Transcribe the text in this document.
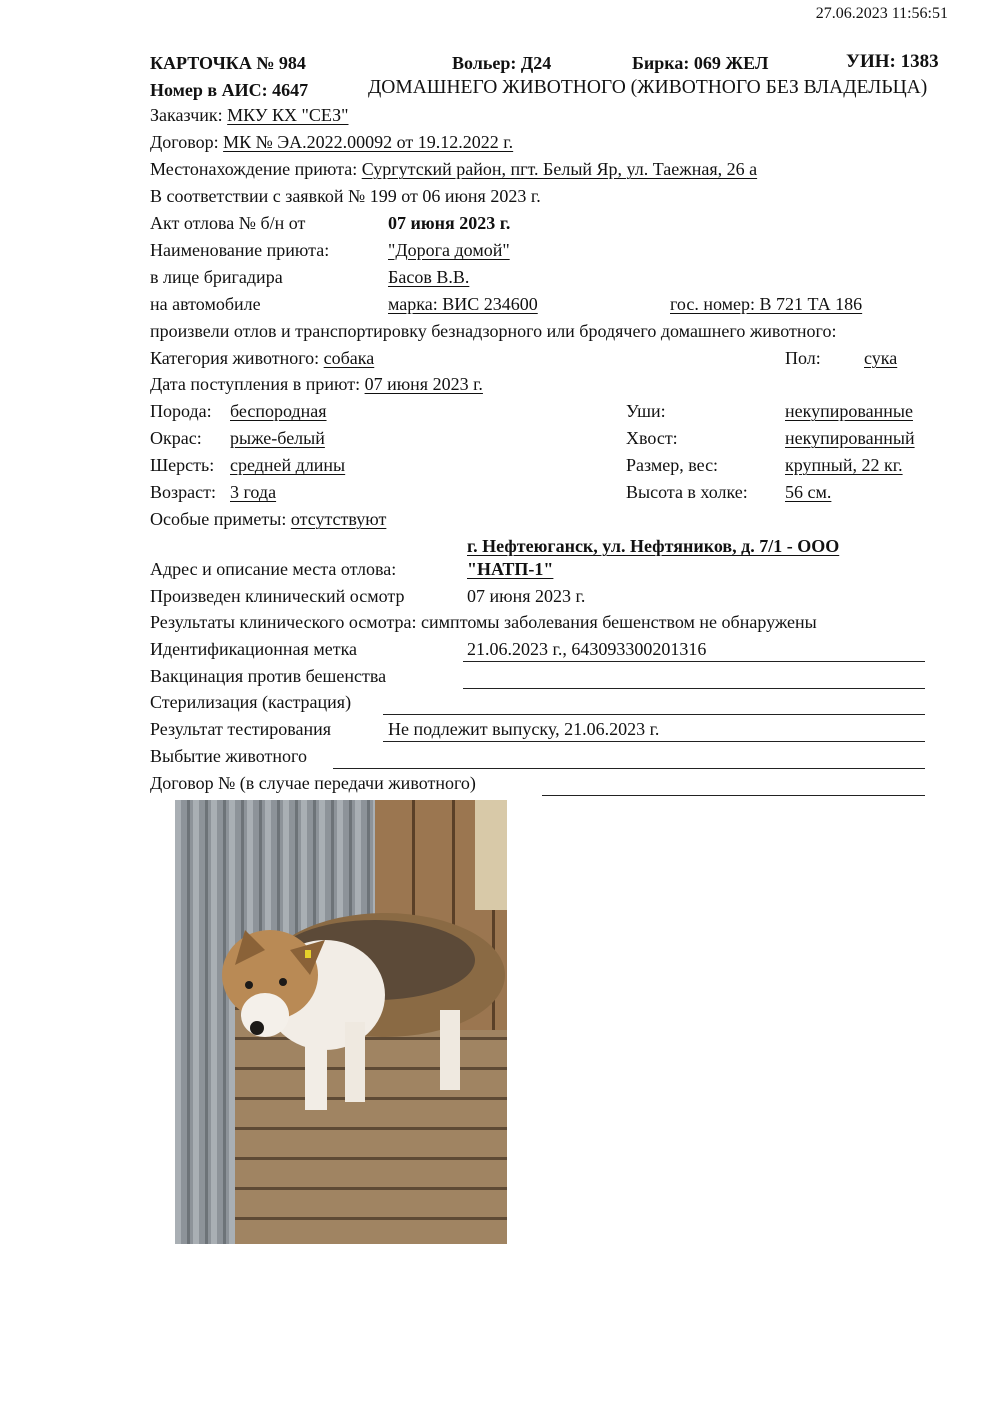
27.06.2023 11:56:51
КАРТОЧКА № 984	Вольер: Д24	Бирка: 069 ЖЕЛ	УИН: 1383
Номер в АИС: 4647	ДОМАШНЕГО ЖИВОТНОГО (ЖИВОТНОГО БЕЗ ВЛАДЕЛЬЦА)
Заказчик: МКУ КХ "СЕЗ"
Договор: МК № ЭА.2022.00092 от 19.12.2022 г.
Местонахождение приюта: Сургутский район, пгт. Белый Яр, ул. Таежная, 26 а
В соответствии с заявкой № 199 от 06 июня 2023 г.
Акт отлова № б/н от	07 июня 2023 г.
Наименование приюта:	"Дорога домой"
в лице бригадира	Басов В.В.
на автомобиле	марка: ВИС 234600	гос. номер: В 721 ТА 186
произвели отлов и транспортировку безнадзорного или бродячего домашнего животного:
Категория животного: собака	Пол: сука
Дата поступления в приют: 07 июня 2023 г.
Порода: беспородная	Уши:	некупированные
Окрас: рыже-белый	Хвост:	некупированный
Шерсть: средней длины	Размер, вес:	крупный, 22 кг.
Возраст: 3 года	Высота в холке: 56 см.
Особые приметы: отсутствуют
г. Нефтеюганск, ул. Нефтяников, д. 7/1 - ООО
Адрес и описание места отлова:	"НАТП-1"
Произведен клинический осмотр	07 июня 2023 г.
Результаты клинического осмотра: симптомы заболевания бешенством не обнаружены
Идентификационная метка	21.06.2023 г., 643093300201316
Вакцинация против бешенства
Стерилизация (кастрация)
Результат тестирования	Не подлежит выпуску, 21.06.2023 г.
Выбытие животного
Договор № (в случае передачи животного)
